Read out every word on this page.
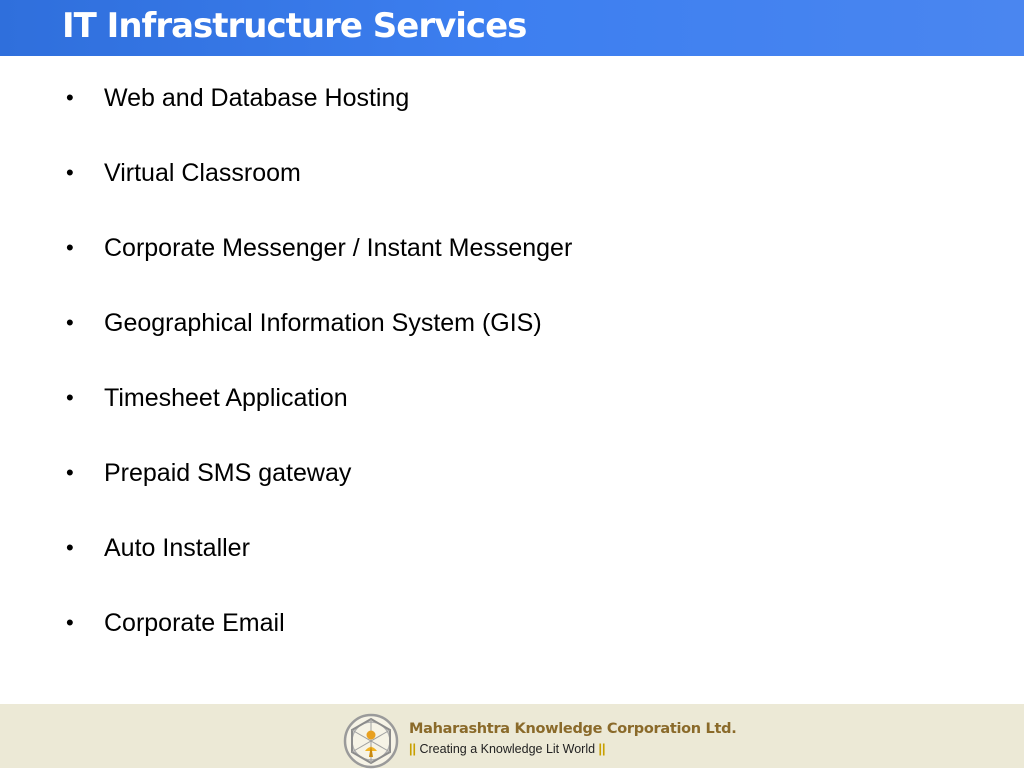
IT Infrastructure Services
• Web and Database Hosting
• Virtual Classroom
• Corporate Messenger / Instant Messenger
• Geographical Information System (GIS)
• Timesheet Application
• Prepaid SMS gateway
• Auto Installer
• Corporate Email
Maharashtra Knowledge Corporation Ltd.
|| Creating a Knowledge Lit World ||
